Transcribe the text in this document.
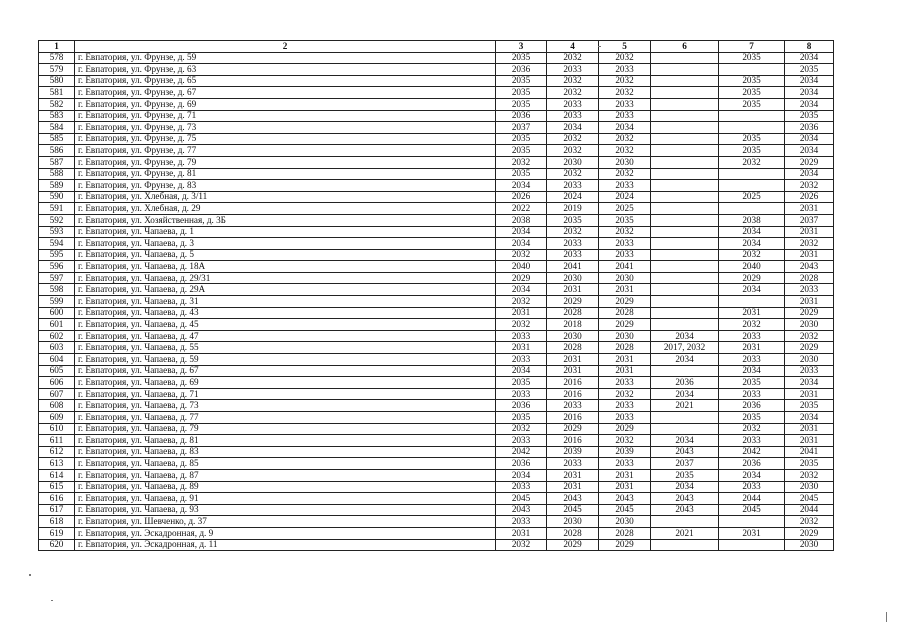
1	2	3	4	5	6	7	8
578	г. Евпатория, ул. Фрунзе, д. 59	2035	2032	2032		2035	2034
579	г. Евпатория, ул. Фрунзе, д. 63	2036	2033	2033			2035
580	г. Евпатория, ул. Фрунзе, д. 65	2035	2032	2032		2035	2034
581	г. Евпатория, ул. Фрунзе, д. 67	2035	2032	2032		2035	2034
582	г. Евпатория, ул. Фрунзе, д. 69	2035	2033	2033		2035	2034
583	г. Евпатория, ул. Фрунзе, д. 71	2036	2033	2033			2035
584	г. Евпатория, ул. Фрунзе, д. 73	2037	2034	2034			2036
585	г. Евпатория, ул. Фрунзе, д. 75	2035	2032	2032		2035	2034
586	г. Евпатория, ул. Фрунзе, д. 77	2035	2032	2032		2035	2034
587	г. Евпатория, ул. Фрунзе, д. 79	2032	2030	2030		2032	2029
588	г. Евпатория, ул. Фрунзе, д. 81	2035	2032	2032			2034
589	г. Евпатория, ул. Фрунзе, д. 83	2034	2033	2033			2032
590	г. Евпатория, ул. Хлебная, д. 3/11	2026	2024	2024		2025	2026
591	г. Евпатория, ул. Хлебная, д. 29	2022	2019	2025			2031
592	г. Евпатория, ул. Хозяйственная, д. 3Б	2038	2035	2035		2038	2037
593	г. Евпатория, ул. Чапаева, д. 1	2034	2032	2032		2034	2031
594	г. Евпатория, ул. Чапаева, д. 3	2034	2033	2033		2034	2032
595	г. Евпатория, ул. Чапаева, д. 5	2032	2033	2033		2032	2031
596	г. Евпатория, ул. Чапаева, д. 18А	2040	2041	2041		2040	2043
597	г. Евпатория, ул. Чапаева, д. 29/31	2029	2030	2030		2029	2028
598	г. Евпатория, ул. Чапаева, д. 29А	2034	2031	2031		2034	2033
599	г. Евпатория, ул. Чапаева, д. 31	2032	2029	2029			2031
600	г. Евпатория, ул. Чапаева, д. 43	2031	2028	2028		2031	2029
601	г. Евпатория, ул. Чапаева, д. 45	2032	2018	2029		2032	2030
602	г. Евпатория, ул. Чапаева, д. 47	2033	2030	2030	2034	2033	2032
603	г. Евпатория, ул. Чапаева, д. 55	2031	2028	2028	2017, 2032	2031	2029
604	г. Евпатория, ул. Чапаева, д. 59	2033	2031	2031	2034	2033	2030
605	г. Евпатория, ул. Чапаева, д. 67	2034	2031	2031		2034	2033
606	г. Евпатория, ул. Чапаева, д. 69	2035	2016	2033	2036	2035	2034
607	г. Евпатория, ул. Чапаева, д. 71	2033	2016	2032	2034	2033	2031
608	г. Евпатория, ул. Чапаева, д. 73	2036	2033	2033	2021	2036	2035
609	г. Евпатория, ул. Чапаева, д. 77	2035	2016	2033		2035	2034
610	г. Евпатория, ул. Чапаева, д. 79	2032	2029	2029		2032	2031
611	г. Евпатория, ул. Чапаева, д. 81	2033	2016	2032	2034	2033	2031
612	г. Евпатория, ул. Чапаева, д. 83	2042	2039	2039	2043	2042	2041
613	г. Евпатория, ул. Чапаева, д. 85	2036	2033	2033	2037	2036	2035
614	г. Евпатория, ул. Чапаева, д. 87	2034	2031	2031	2035	2034	2032
615	г. Евпатория, ул. Чапаева, д. 89	2033	2031	2031	2034	2033	2030
616	г. Евпатория, ул. Чапаева, д. 91	2045	2043	2043	2043	2044	2045
617	г. Евпатория, ул. Чапаева, д. 93	2043	2045	2045	2043	2045	2044
618	г. Евпатория, ул. Шевченко, д. 37	2033	2030	2030			2032
619	г. Евпатория, ул. Эскадронная, д. 9	2031	2028	2028	2021	2031	2029
620	г. Евпатория, ул. Эскадронная, д. 11	2032	2029	2029			2030
